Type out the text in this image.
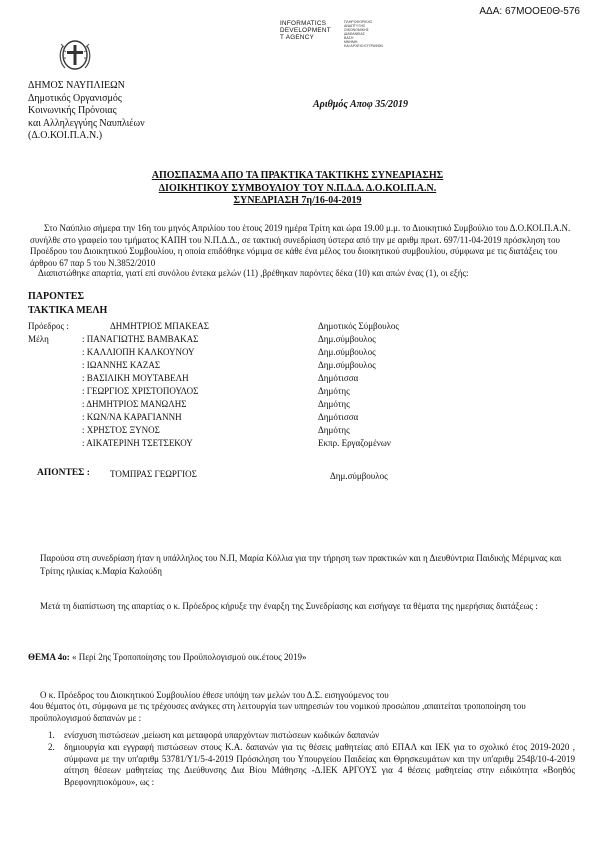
ΑΔΑ: 67ΜΟΟΕ0Θ-576
INFORMATICS
DEVELOPMENT
T AGENCY
ΠΛΗΡΟΦΟΡΙΚΗΣ
ΑΝΑΠΤΥΞΗΣ
ΟΙΚΟΝΟΜΙΚΗΣ
ΔΙΑΦΑΝΕΙΑΣ
ΒΑΣΗ
ΜΝΗΜΗ
ΚΑΙ ΑΡΧΕΙΟ ΕΓΓΡΑΦΩΝ
ΔΗΜΟΣ ΝΑΥΠΛΙΕΩΝ
Δημοτικός Οργανισμός
Κοινωνικής Πρόνοιας
και Αλληλεγγύης Ναυπλιέων
(Δ.Ο.ΚΟΙ.Π.Α.Ν.)
Αριθμός Αποφ 35/2019
ΑΠΟΣΠΑΣΜΑ ΑΠΟ ΤΑ ΠΡΑΚΤΙΚΑ ΤΑΚΤΙΚΗΣ ΣΥΝΕΔΡΙΑΣΗΣ
ΔΙΟΙΚΗΤΙΚΟΥ ΣΥΜΒΟΥΛΙΟΥ ΤΟΥ Ν.Π.Δ.Δ. Δ.Ο.ΚΟΙ.Π.Α.Ν.
ΣΥΝΕΔΡΙΑΣΗ 7η/16-04-2019
Στο Ναύπλιο σήμερα την 16η του μηνός Απριλίου του έτους 2019 ημέρα Τρίτη και ώρα 19.00 μ.μ. το Διοικητικό Συμβούλιο του Δ.Ο.ΚΟΙ.Π.Α.Ν. συνήλθε στο γραφείο του τμήματος ΚΑΠΗ του Ν.Π.Δ.Δ., σε τακτική συνεδρίαση ύστερα από την με αριθμ πρωτ. 697/11-04-2019 πρόσκληση του Προέδρου του Διοικητικού Συμβουλίου, η οποία επιδόθηκε νόμιμα σε κάθε ένα μέλος του διοικητικού συμβουλίου, σύμφωνα με τις διατάξεις του άρθρου 67 παρ 5 του Ν.3852/2010
Διαπιστώθηκε απαρτία, γιατί επί συνόλου έντεκα μελών (11) ,βρέθηκαν παρόντες δέκα (10) και απών ένας (1), οι εξής:
ΠΑΡΟΝΤΕΣ
ΤΑΚΤΙΚΑ ΜΕΛΗ
Πρόεδρος :	ΔΗΜΗΤΡΙΟΣ ΜΠΑΚΕΑΣ	Δημοτικός Σύμβουλος
Μέλη	: ΠΑΝΑΓΙΩΤΗΣ ΒΑΜΒΑΚΑΣ	Δημ.σύμβουλος
: ΚΑΛΛΙΟΠΗ ΚΑΛΚΟΥΝΟΥ	Δημ.σύμβουλος
: ΙΩΑΝΝΗΣ ΚΑΖΑΣ	Δημ.σύμβουλος
: ΒΑΣΙΛΙΚΗ ΜΟΥΤΑΒΕΛΗ	Δημότισσα
: ΓΕΩΡΓΙΟΣ ΧΡΙΣΤΟΠΟΥΛΟΣ	Δημότης
: ΔΗΜΗΤΡΙΟΣ ΜΑΝΩΛΗΣ	Δημότης
: ΚΩΝ/ΝΑ ΚΑΡΑΓΙΑΝΝΗ	Δημότισσα
: ΧΡΗΣΤΟΣ ΞΥΝΟΣ	Δημότης
: ΑΙΚΑΤΕΡΙΝΗ ΤΣΕΤΣΕΚΟΥ	Εκπρ. Εργαζομένων
ΑΠΟΝΤΕΣ : ΤΟΜΠΡΑΣ ΓΕΩΡΓΙΟΣ	Δημ.σύμβουλος
Παρούσα στη συνεδρίαση ήταν η υπάλληλος του Ν.Π, Μαρία Κόλλια για την τήρηση των πρακτικών και η Διευθύντρια Παιδικής Μέριμνας και Τρίτης ηλικίας κ.Μαρία Καλούδη
Μετά τη διαπίστωση της απαρτίας ο κ. Πρόεδρος κήρυξε την έναρξη της Συνεδρίασης και εισήγαγε τα θέματα της ημερήσιας διατάξεως :
ΘΕΜΑ 4ο: « Περί 2ης Τροποποίησης του Προϋπολογισμού οικ.έτους 2019»
Ο κ. Πρόεδρος του Διοικητικού Συμβουλίου έθεσε υπόψη των μελών του Δ.Σ. εισηγούμενος του
4ου θέματος ότι, σύμφωνα με τις τρέχουσες ανάγκες στη λειτουργία των υπηρεσιών του νομικού προσώπου ,απαιτείται τροποποίηση του προϋπολογισμού δαπανών με :
1. ενίσχυση πιστώσεων ,μείωση και μεταφορά υπαρχόντων πιστώσεων κωδικών δαπανών
2. δημιουργία και εγγραφή πιστώσεων στους Κ.Α. δαπανών για τις θέσεις μαθητείας από ΕΠΑΛ και ΙΕΚ για το σχολικό έτος 2019-2020 , σύμφωνα με την υπ'αριθμ 53781/Υ1/5-4-2019 Πρόσκληση του Υπουργείου Παιδείας και Θρησκευμάτων και την υπ'αριθμ 254β/10-4-2019 αίτηση θέσεων μαθητείας της Διεύθυνσης Δια Βίου Μάθησης -Δ.ΙΕΚ ΑΡΓΟΥΣ για 4 θέσεις μαθητείας στην ειδικότητα «Βοηθός Βρεφονηπιοκόμου», ως :
